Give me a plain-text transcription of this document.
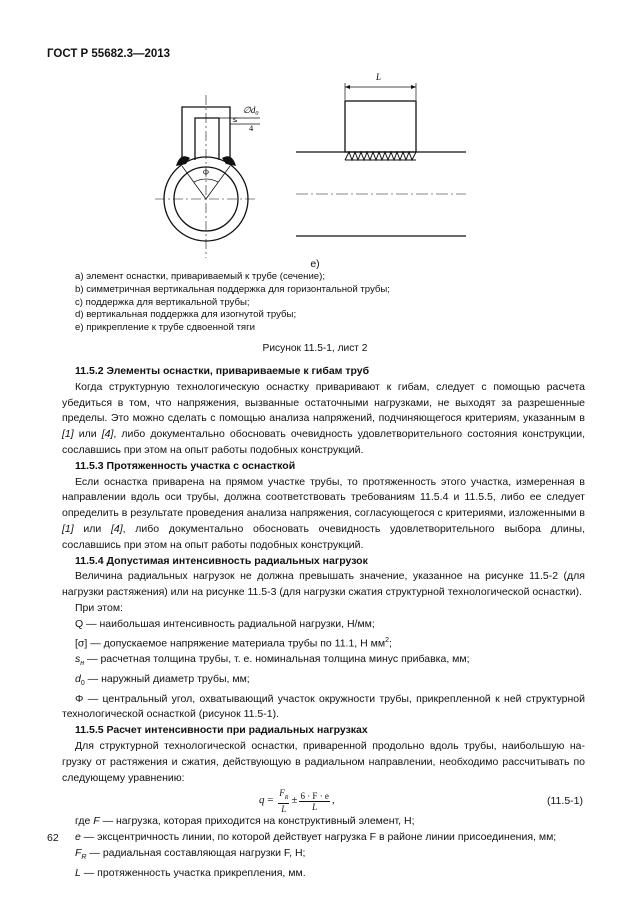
ГОСТ Р 55682.3—2013
$\emptyset d_0$
≤
4
Φ
L
e)
а) элемент оснастки, привариваемый к трубе (сечение);
b) симметричная вертикальная поддержка для горизонтальной трубы;
c) поддержка для вертикальной трубы;
d) вертикальная поддержка для изогнутой трубы;
e) прикрепление к трубе сдвоенной тяги
Рисунок 11.5-1, лист 2
11.5.2 Элементы оснастки, привариваемые к гибам труб

Когда структурную технологическую оснастку приваривают к гибам, следует с помощью расчета убедиться в том, что напряжения, вызванные остаточными нагрузками, не выходят за разрешенные пределы. Это можно сделать с помощью анализа напряжений, подчиняющегося критериям, указанным в [1] или [4], либо документально обосновать очевидность удовлетворительного состояния конструкции, сославшись при этом на опыт работы подобных конструкций.

11.5.3 Протяженность участка с оснасткой

Если оснастка приварена на прямом участке трубы, то протяженность этого участка, измеренная в направлении вдоль оси трубы, должна соответствовать требованиям 11.5.4 и 11.5.5, либо ее следует определить в результате проведения анализа напряжения, согласующегося с критериями, изложенными в [1] или [4], либо документально обосновать очевидность удовлетворительного выбора длины, сославшись при этом на опыт работы подобных конструкций.

11.5.4 Допустимая интенсивность радиальных нагрузок

Величина радиальных нагрузок не должна превышать значение, указанное на рисунке 11.5-2 (для нагрузки растяжения) или на рисунке 11.5-3 (для нагрузки сжатия структурной технологической оснастки).

При этом:
Q — наибольшая интенсивность радиальной нагрузки, Н/мм;
[σ] — допускаемое напряжение материала трубы по 11.1, Н $мм^2$;
$s_н$ — расчетная толщина трубы, т. е. номинальная толщина минус прибавка, мм;
$d_0$ — наружный диаметр трубы, мм;

Φ — центральный угол, охватывающий участок окружности трубы, прикрепленной к ней структурной технологической оснасткой (рисунок 11.5-1).

11.5.5 Расчет интенсивности при радиальных нагрузках

Для структурной технологической оснастки, приваренной продольно вдоль трубы, наибольшую нагрузку от растяжения и сжатия, действующую в радиальном направлении, необходимо рассчитывать по следующему уравнению:

q
=
$\frac{F_R}{L} \pm \frac{6 \cdot F \cdot e}{L}$ ,	(11.5-1)
где F — нагрузка, которая приходится на конструктивный элемент, Н;
e — эксцентричность линии, по которой действует нагрузка F в районе линии присоединения, мм;
$F_R$ — радиальная составляющая нагрузки F, Н;
L — протяженность участка прикрепления, мм.
62
